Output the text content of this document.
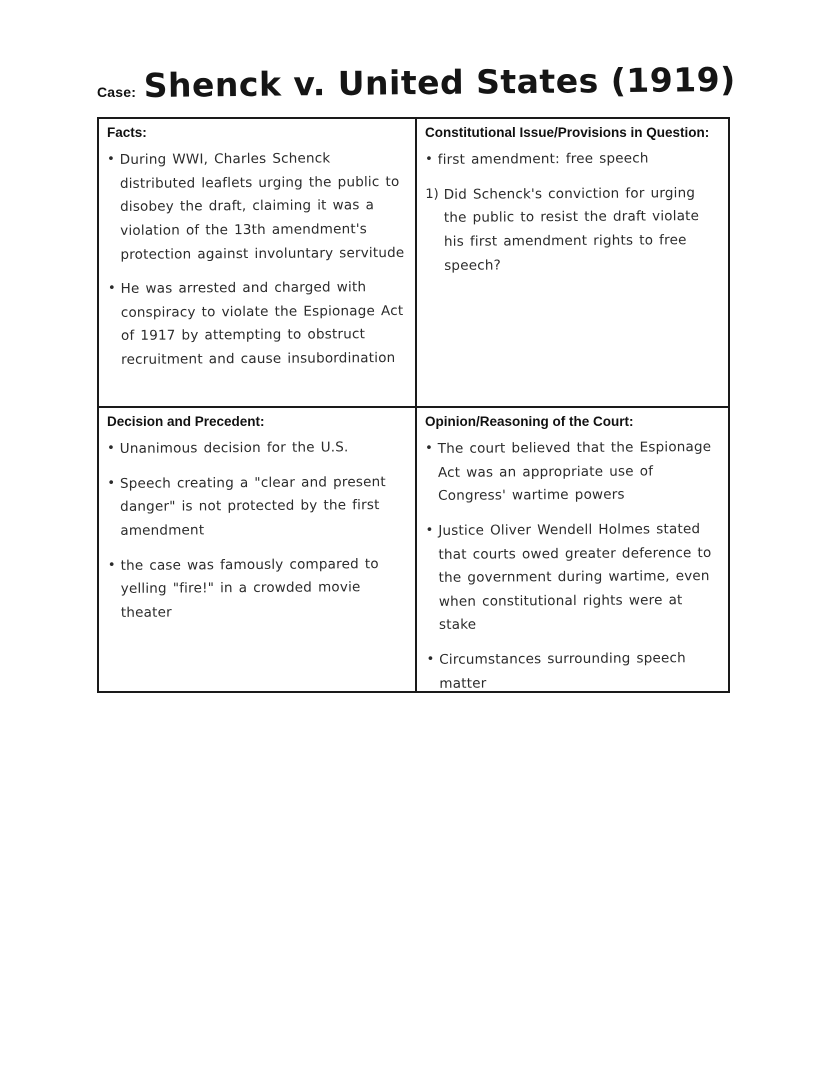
Case: Shenck v. United States (1919)
Facts:
• During WWI, Charles Schenck distributed leaflets urging the public to disobey the draft, claiming it was a violation of the 13th amendment's protection against involuntary servitude
• He was arrested and charged with conspiracy to violate the Espionage Act of 1917 by attempting to obstruct recruitment and cause insubordination
Constitutional Issue/Provisions in Question:
• first amendment: free speech
1) Did Schenck's conviction for urging the public to resist the draft violate his first amendment rights to free speech?
Decision and Precedent:
• Unanimous decision for the U.S.
• Speech creating a "clear and present danger" is not protected by the first amendment
• the case was famously compared to yelling "fire!" in a crowded movie theater
Opinion/Reasoning of the Court:
• The court believed that the Espionage Act was an appropriate use of Congress' wartime powers
• Justice Oliver Wendell Holmes stated that courts owed greater deference to the government during wartime, even when constitutional rights were at stake
• Circumstances surrounding speech matter
